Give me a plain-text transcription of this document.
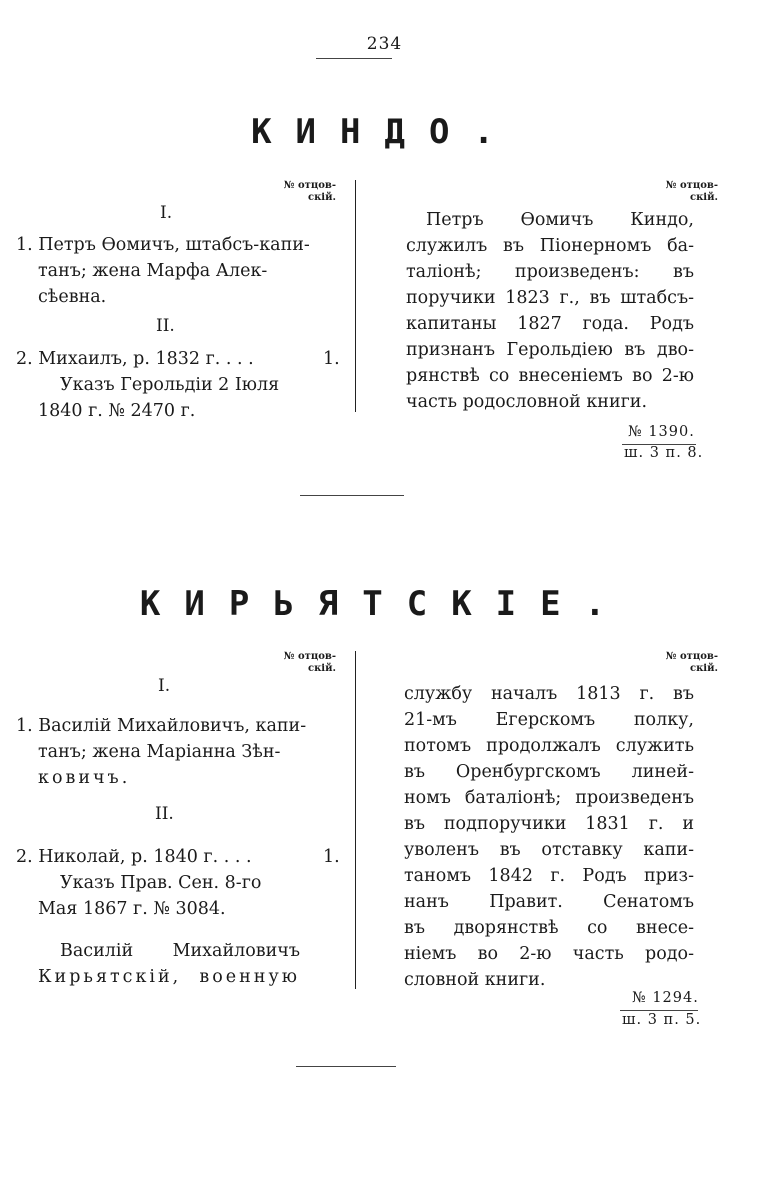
234
КИНДО.
№ отцов-
скій.
№ отцов-
скій.
I.
1. Петръ Ѳомичъ, штабсъ-капи-
танъ; жена Марфа Алек-
сѣевна.
II.
2. Михаилъ, р. 1832 г. . . .	1.
Указъ Герольдіи 2 Іюля
1840 г. № 2470 г.
Петръ Ѳомичъ Киндо,
служилъ въ Піонерномъ ба-
таліонѣ; произведенъ: въ
поручики 1823 г., въ штабсъ-
капитаны 1827 года. Родъ
признанъ Герольдіею въ дво-
рянствѣ со внесеніемъ во 2-ю
часть родословной книги.
№ 1390.
ш. 3 п. 8.
КИРЬЯТСКІЕ.
№ отцов-
скій.
№ отцов-
скій.
I.
1. Василій Михайловичъ, капи-
танъ; жена Маріанна Зѣн-
ковичъ.
II.
2. Николай, р. 1840 г. . . .	1.
Указъ Прав. Сен. 8-го
Мая 1867 г. № 3084.
Василій Михайловичъ
Кирьятскій, военную
службу началъ 1813 г. въ
21-мъ Егерскомъ полку,
потомъ продолжалъ служить
въ Оренбургскомъ линей-
номъ баталіонѣ; произведенъ
въ подпоручики 1831 г. и
уволенъ въ отставку капи-
таномъ 1842 г. Родъ приз-
нанъ Правит. Сенатомъ
въ дворянствѣ со внесе-
ніемъ во 2-ю часть родо-
словной книги.
№ 1294.
ш. 3 п. 5.
